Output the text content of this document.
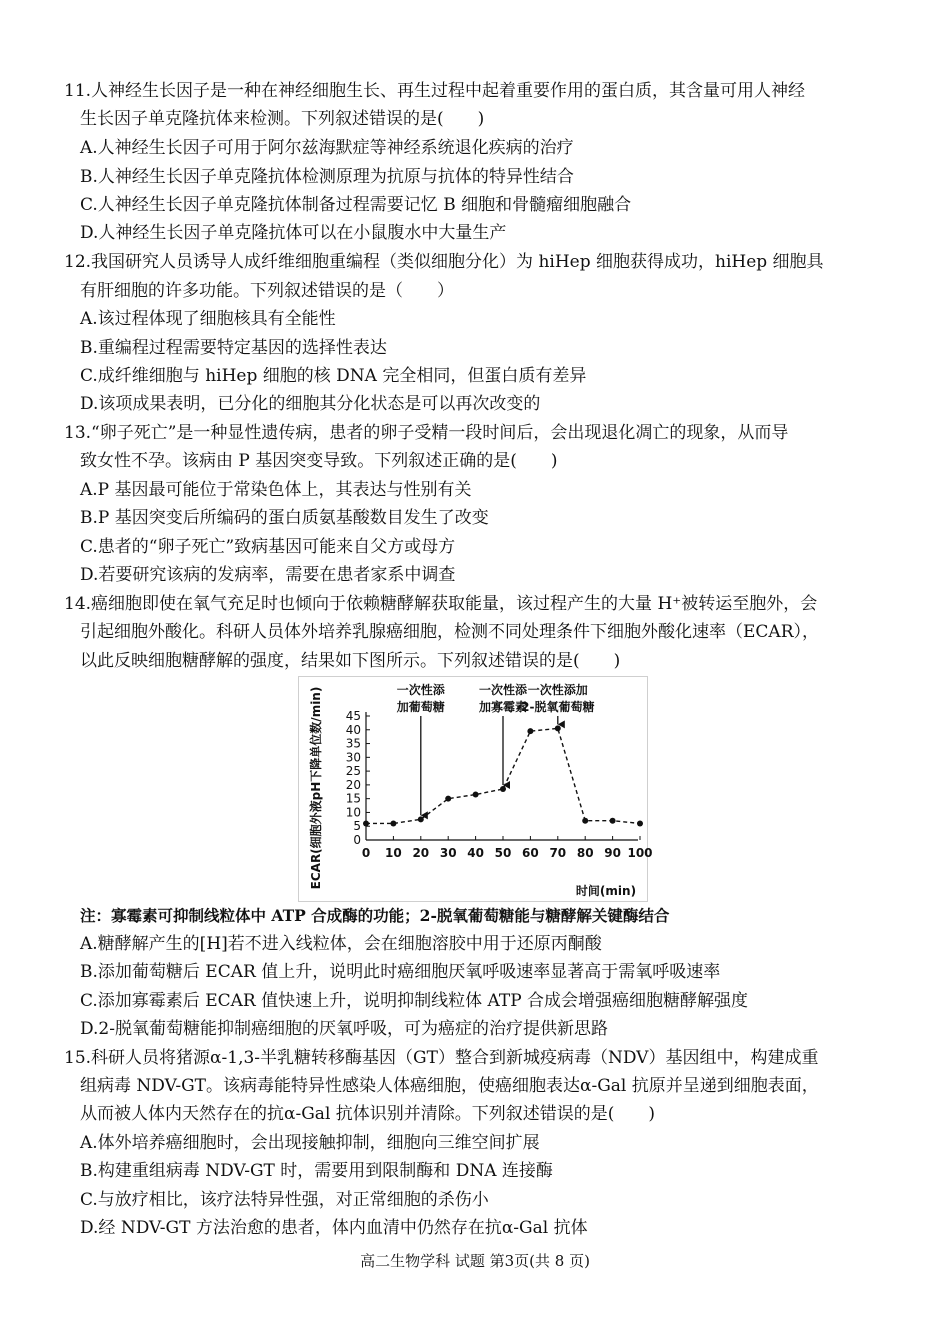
11.人神经生长因子是一种在神经细胞生长、再生过程中起着重要作用的蛋白质，其含量可用人神经
生长因子单克隆抗体来检测。下列叙述错误的是(　　)
A.人神经生长因子可用于阿尔兹海默症等神经系统退化疾病的治疗
B.人神经生长因子单克隆抗体检测原理为抗原与抗体的特异性结合
C.人神经生长因子单克隆抗体制备过程需要记忆 B 细胞和骨髓瘤细胞融合
D.人神经生长因子单克隆抗体可以在小鼠腹水中大量生产
12.我国研究人员诱导人成纤维细胞重编程（类似细胞分化）为 hiHep 细胞获得成功，hiHep 细胞具
有肝细胞的许多功能。下列叙述错误的是（　　）
A.该过程体现了细胞核具有全能性
B.重编程过程需要特定基因的选择性表达
C.成纤维细胞与 hiHep 细胞的核 DNA 完全相同，但蛋白质有差异
D.该项成果表明，已分化的细胞其分化状态是可以再次改变的
13.“卵子死亡”是一种显性遗传病，患者的卵子受精一段时间后，会出现退化凋亡的现象，从而导
致女性不孕。该病由 P 基因突变导致。下列叙述正确的是(　　)
A.P 基因最可能位于常染色体上，其表达与性别有关
B.P 基因突变后所编码的蛋白质氨基酸数目发生了改变
C.患者的“卵子死亡”致病基因可能来自父方或母方
D.若要研究该病的发病率，需要在患者家系中调查
14.癌细胞即使在氧气充足时也倾向于依赖糖酵解获取能量，该过程产生的大量 H⁺被转运至胞外，会
引起细胞外酸化。科研人员体外培养乳腺癌细胞，检测不同处理条件下细胞外酸化速率（ECAR），
以此反映细胞糖酵解的强度，结果如下图所示。下列叙述错误的是(　　)
0
5
10
15
20
25
30
35
40
45
0 10 20 30 40 50 60 70 80 90 100
一次性添
加葡萄糖
一次性添
加寡霉素
一次性添加
2-脱氧葡萄糖
ECAR(细胞外液pH下降单位数/min)
时间(min)
注：寡霉素可抑制线粒体中 ATP 合成酶的功能；2-脱氧葡萄糖能与糖酵解关键酶结合
A.糖酵解产生的[H]若不进入线粒体，会在细胞溶胶中用于还原丙酮酸
B.添加葡萄糖后 ECAR 值上升，说明此时癌细胞厌氧呼吸速率显著高于需氧呼吸速率
C.添加寡霉素后 ECAR 值快速上升，说明抑制线粒体 ATP 合成会增强癌细胞糖酵解强度
D.2-脱氧葡萄糖能抑制癌细胞的厌氧呼吸，可为癌症的治疗提供新思路
15.科研人员将猪源α-1,3-半乳糖转移酶基因（GT）整合到新城疫病毒（NDV）基因组中，构建成重
组病毒 NDV-GT。该病毒能特异性感染人体癌细胞，使癌细胞表达α-Gal 抗原并呈递到细胞表面，
从而被人体内天然存在的抗α-Gal 抗体识别并清除。下列叙述错误的是(　　)
A.体外培养癌细胞时，会出现接触抑制，细胞向三维空间扩展
B.构建重组病毒 NDV-GT 时，需要用到限制酶和 DNA 连接酶
C.与放疗相比，该疗法特异性强，对正常细胞的杀伤小
D.经 NDV-GT 方法治愈的患者，体内血清中仍然存在抗α-Gal 抗体
高二生物学科 试题 第3页(共 8 页)
